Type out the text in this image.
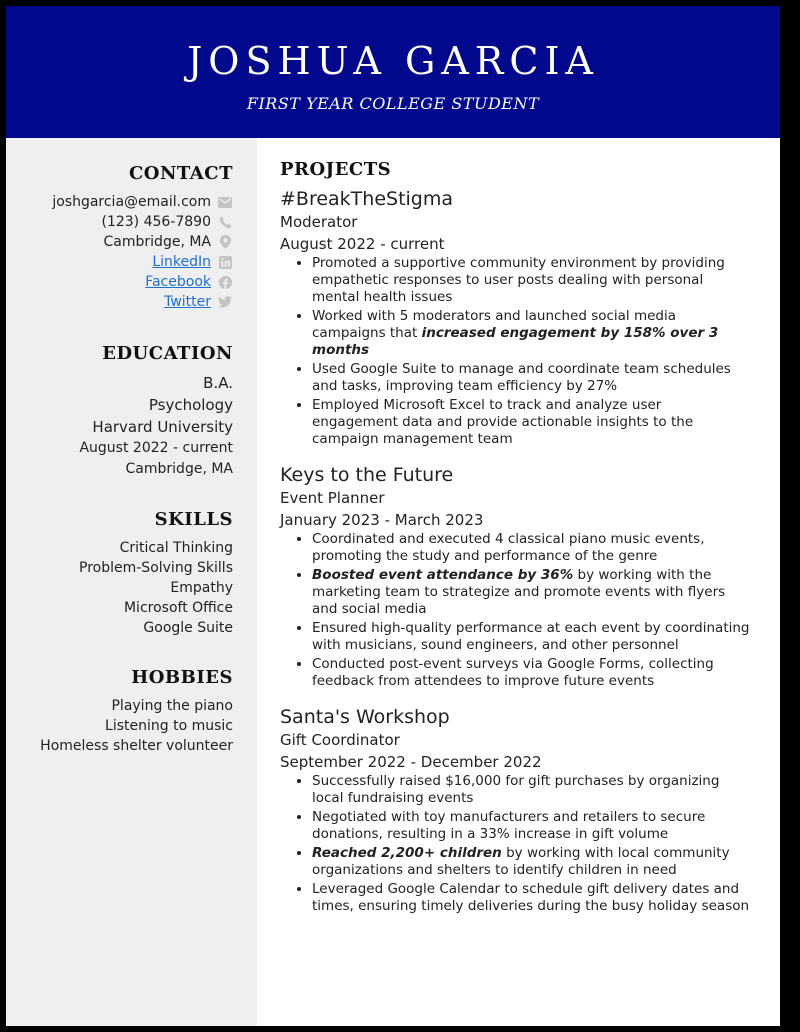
JOSHUA GARCIA
FIRST YEAR COLLEGE STUDENT
CONTACT
joshgarcia@email.com
(123) 456-7890
Cambridge, MA
LinkedIn
Facebook
Twitter
EDUCATION
B.A.
Psychology
Harvard University
August 2022 - current
Cambridge, MA
SKILLS
Critical Thinking
Problem-Solving Skills
Empathy
Microsoft Office
Google Suite
HOBBIES
Playing the piano
Listening to music
Homeless shelter volunteer
PROJECTS
#BreakTheStigma
Moderator
August 2022 - current
• Promoted a supportive community environment by providing empathetic responses to user posts dealing with personal mental health issues
• Worked with 5 moderators and launched social media campaigns that increased engagement by 158% over 3 months
• Used Google Suite to manage and coordinate team schedules and tasks, improving team efficiency by 27%
• Employed Microsoft Excel to track and analyze user engagement data and provide actionable insights to the campaign management team
Keys to the Future
Event Planner
January 2023 - March 2023
• Coordinated and executed 4 classical piano music events, promoting the study and performance of the genre
• Boosted event attendance by 36% by working with the marketing team to strategize and promote events with flyers and social media
• Ensured high-quality performance at each event by coordinating with musicians, sound engineers, and other personnel
• Conducted post-event surveys via Google Forms, collecting feedback from attendees to improve future events
Santa's Workshop
Gift Coordinator
September 2022 - December 2022
• Successfully raised $16,000 for gift purchases by organizing local fundraising events
• Negotiated with toy manufacturers and retailers to secure donations, resulting in a 33% increase in gift volume
• Reached 2,200+ children by working with local community organizations and shelters to identify children in need
• Leveraged Google Calendar to schedule gift delivery dates and times, ensuring timely deliveries during the busy holiday season
